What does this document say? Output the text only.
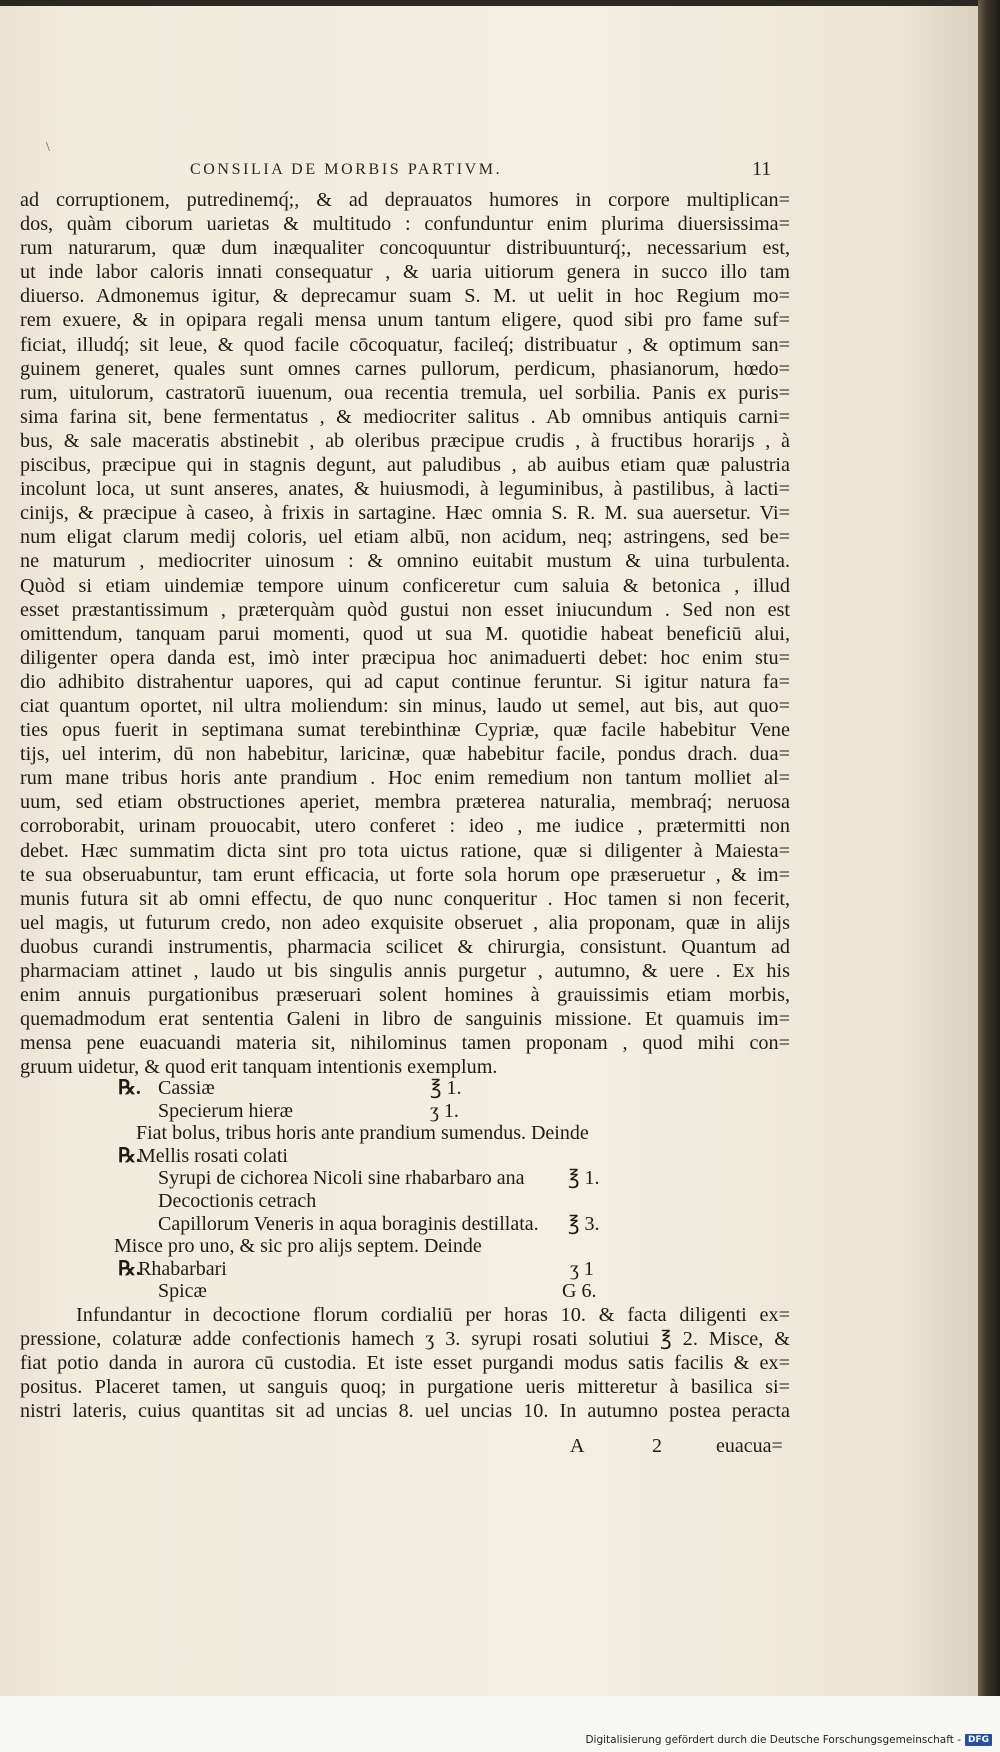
\
CONSILIA DE MORBIS PARTIVM.	11
ad corruptionem, putredinemq́;, & ad deprauatos humores in corpore multiplican=
dos, quàm ciborum uarietas & multitudo : confunduntur enim plurima diuersissima=
rum naturarum, quæ dum inæqualiter concoquuntur distribuunturq́;, necessarium est,
ut inde labor caloris innati consequatur , & uaria uitiorum genera in succo illo tam
diuerso. Admonemus igitur, & deprecamur suam S. M. ut uelit in hoc Regium mo=
rem exuere, & in opipara regali mensa unum tantum eligere, quod sibi pro fame suf=
ficiat, illudq́; sit leue, & quod facile cōcoquatur, facileq́; distribuatur , & optimum san=
guinem generet, quales sunt omnes carnes pullorum, perdicum, phasianorum, hœdo=
rum, uitulorum, castratorū iuuenum, oua recentia tremula, uel sorbilia. Panis ex puris=
sima farina sit, bene fermentatus , & mediocriter salitus . Ab omnibus antiquis carni=
bus, & sale maceratis abstinebit , ab oleribus præcipue crudis , à fructibus horarijs , à
piscibus, præcipue qui in stagnis degunt, aut paludibus , ab auibus etiam quæ palustria
incolunt loca, ut sunt anseres, anates, & huiusmodi, à leguminibus, à pastilibus, à lacti=
cinijs, & præcipue à caseo, à frixis in sartagine. Hæc omnia S. R. M. sua auersetur. Vi=
num eligat clarum medij coloris, uel etiam albū, non acidum, neq; astringens, sed be=
ne maturum , mediocriter uinosum : & omnino euitabit mustum & uina turbulenta.
Quòd si etiam uindemiæ tempore uinum conficeretur cum saluia & betonica , illud
esset præstantissimum , præterquàm quòd gustui non esset iniucundum . Sed non est
omittendum, tanquam parui momenti, quod ut sua M. quotidie habeat beneficiū alui,
diligenter opera danda est, imò inter præcipua hoc animaduerti debet: hoc enim stu=
dio adhibito distrahentur uapores, qui ad caput continue feruntur. Si igitur natura fa=
ciat quantum oportet, nil ultra moliendum: sin minus, laudo ut semel, aut bis, aut quo=
ties opus fuerit in septimana sumat terebinthinæ Cypriæ, quæ facile habebitur Vene
tijs, uel interim, dū non habebitur, laricinæ, quæ habebitur facile, pondus drach. dua=
rum mane tribus horis ante prandium . Hoc enim remedium non tantum molliet al=
uum, sed etiam obstructiones aperiet, membra præterea naturalia, membraq́; neruosa
corroborabit, urinam prouocabit, utero conferet : ideo , me iudice , prætermitti non
debet. Hæc summatim dicta sint pro tota uictus ratione, quæ si diligenter à Maiesta=
te sua obseruabuntur, tam erunt efficacia, ut forte sola horum ope præseruetur , & im=
munis futura sit ab omni effectu, de quo nunc conqueritur . Hoc tamen si non fecerit,
uel magis, ut futurum credo, non adeo exquisite obseruet , alia proponam, quæ in alijs
duobus curandi instrumentis, pharmacia scilicet & chirurgia, consistunt. Quantum ad
pharmaciam attinet , laudo ut bis singulis annis purgetur , autumno, & uere . Ex his
enim annuis purgationibus præseruari solent homines à grauissimis etiam morbis,
quemadmodum erat sententia Galeni in libro de sanguinis missione. Et quamuis im=
mensa pene euacuandi materia sit, nihilominus tamen proponam , quod mihi con=
gruum uidetur, & quod erit tanquam intentionis exemplum.
℞. Cassiæ	℥ 1.
Specierum hieræ	ʒ 1.
Fiat bolus, tribus horis ante prandium sumendus. Deinde
℞.
Mellis rosati colati
Syrupi de cichorea Nicoli sine rhabarbaro ana ℥ 1.
Decoctionis cetrach
Capillorum Veneris in aqua boraginis destillata. ℥ 3.
Misce pro uno, & sic pro alijs septem. Deinde
℞.
Rhabarbari	ʒ 1
Spicæ	G 6.
Infundantur in decoctione florum cordialiū per horas 10. & facta diligenti ex=
pressione, colaturæ adde confectionis hamech ʒ 3. syrupi rosati solutiui ℥ 2. Misce, &
fiat potio danda in aurora cū custodia. Et iste esset purgandi modus satis facilis & ex=
positus. Placeret tamen, ut sanguis quoq; in purgatione ueris mitteretur à basilica si=
nistri lateris, cuius quantitas sit ad uncias 8. uel uncias 10. In autumno postea peracta
A	2	euacua=
Digitalisierung gefördert durch die Deutsche Forschungsgemeinschaft - DFG
